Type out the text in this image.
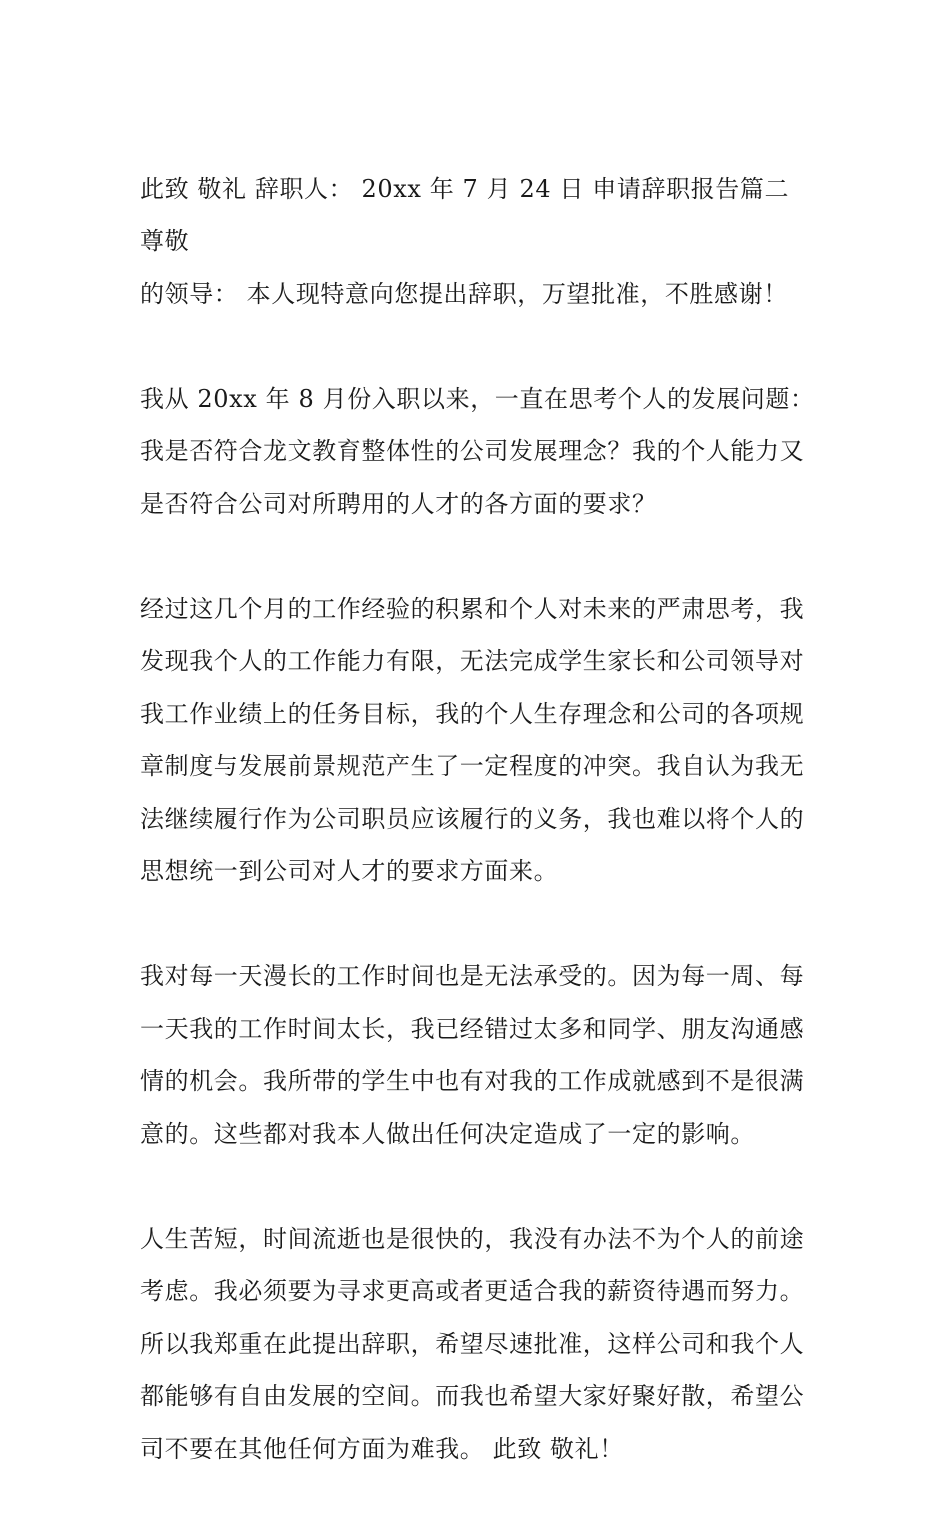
此致 敬礼 辞职人： 20xx 年 7 月 24 日 申请辞职报告篇二 尊敬
的领导： 本人现特意向您提出辞职，万望批准，不胜感谢！

我从 20xx 年 8 月份入职以来，一直在思考个人的发展问题：
我是否符合龙文教育整体性的公司发展理念？我的个人能力又
是否符合公司对所聘用的人才的各方面的要求？

经过这几个月的工作经验的积累和个人对未来的严肃思考，我
发现我个人的工作能力有限，无法完成学生家长和公司领导对
我工作业绩上的任务目标，我的个人生存理念和公司的各项规
章制度与发展前景规范产生了一定程度的冲突。我自认为我无
法继续履行作为公司职员应该履行的义务，我也难以将个人的
思想统一到公司对人才的要求方面来。

我对每一天漫长的工作时间也是无法承受的。因为每一周、每
一天我的工作时间太长，我已经错过太多和同学、朋友沟通感
情的机会。我所带的学生中也有对我的工作成就感到不是很满
意的。这些都对我本人做出任何决定造成了一定的影响。

人生苦短，时间流逝也是很快的，我没有办法不为个人的前途
考虑。我必须要为寻求更高或者更适合我的薪资待遇而努力。
所以我郑重在此提出辞职，希望尽速批准，这样公司和我个人
都能够有自由发展的空间。而我也希望大家好聚好散，希望公
司不要在其他任何方面为难我。 此致 敬礼！
